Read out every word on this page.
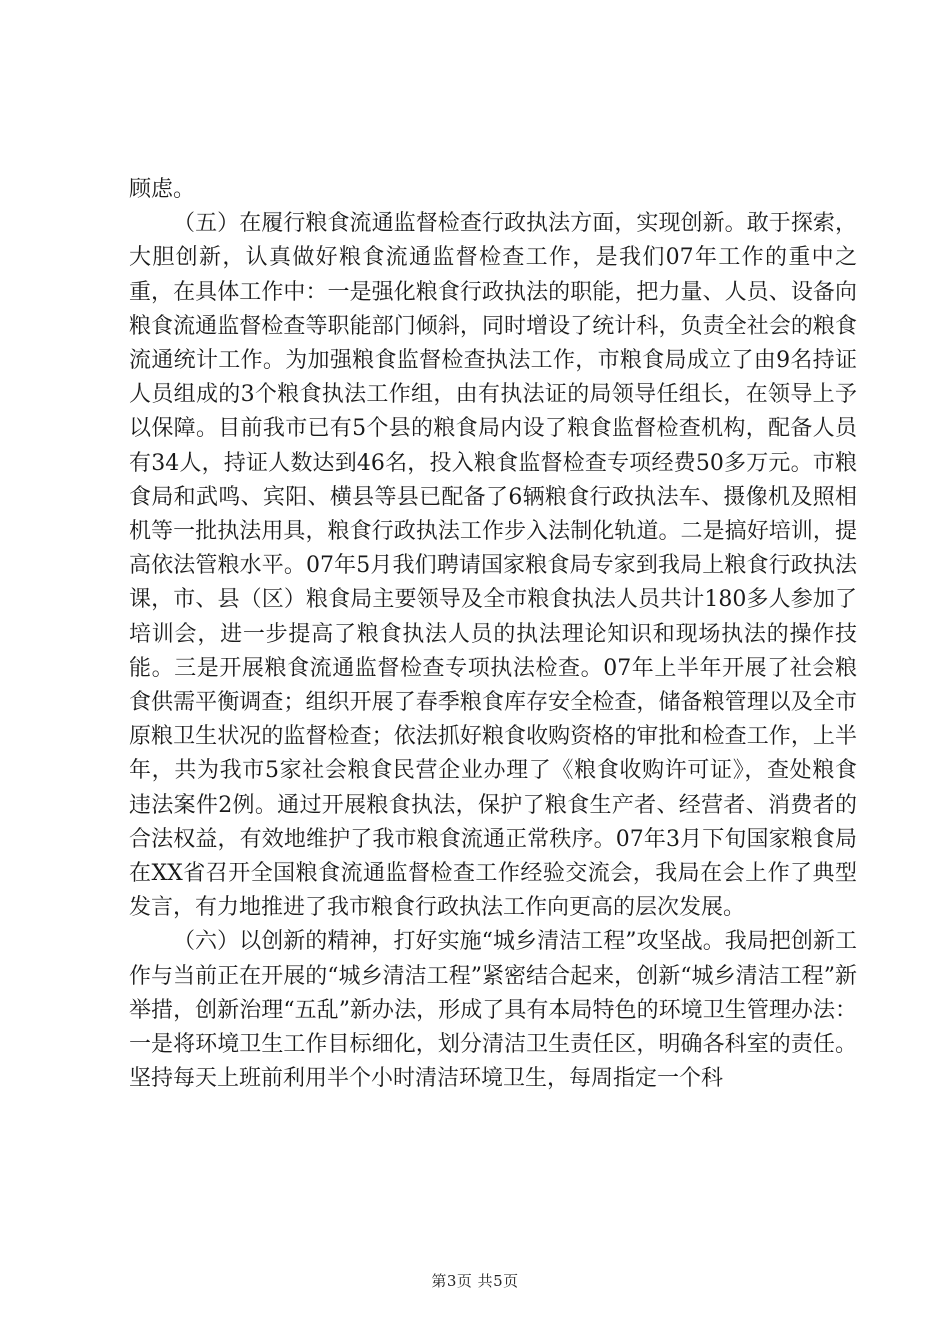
顾虑。

（五）在履行粮食流通监督检查行政执法方面，实现创新。敢于探索，大胆创新，认真做好粮食流通监督检查工作，是我们07年工作的重中之重，在具体工作中：一是强化粮食行政执法的职能，把力量、人员、设备向粮食流通监督检查等职能部门倾斜，同时增设了统计科，负责全社会的粮食流通统计工作。为加强粮食监督检查执法工作，市粮食局成立了由9名持证人员组成的3个粮食执法工作组，由有执法证的局领导任组长，在领导上予以保障。目前我市已有5个县的粮食局内设了粮食监督检查机构，配备人员有34人，持证人数达到46名，投入粮食监督检查专项经费50多万元。市粮食局和武鸣、宾阳、横县等县已配备了6辆粮食行政执法车、摄像机及照相机等一批执法用具，粮食行政执法工作步入法制化轨道。二是搞好培训，提高依法管粮水平。07年5月我们聘请国家粮食局专家到我局上粮食行政执法课，市、县（区）粮食局主要领导及全市粮食执法人员共计180多人参加了培训会，进一步提高了粮食执法人员的执法理论知识和现场执法的操作技能。三是开展粮食流通监督检查专项执法检查。07年上半年开展了社会粮食供需平衡调查；组织开展了春季粮食库存安全检查，储备粮管理以及全市原粮卫生状况的监督检查；依法抓好粮食收购资格的审批和检查工作，上半年，共为我市5家社会粮食民营企业办理了《粮食收购许可证》，查处粮食违法案件2例。通过开展粮食执法，保护了粮食生产者、经营者、消费者的合法权益，有效地维护了我市粮食流通正常秩序。07年3月下旬国家粮食局在XX省召开全国粮食流通监督检查工作经验交流会，我局在会上作了典型发言，有力地推进了我市粮食行政执法工作向更高的层次发展。

（六）以创新的精神，打好实施“城乡清洁工程”攻坚战。我局把创新工作与当前正在开展的“城乡清洁工程”紧密结合起来，创新“城乡清洁工程”新举措，创新治理“五乱”新办法，形成了具有本局特色的环境卫生管理办法：一是将环境卫生工作目标细化，划分清洁卫生责任区，明确各科室的责任。坚持每天上班前利用半个小时清洁环境卫生，每周指定一个科

第3页 共5页
